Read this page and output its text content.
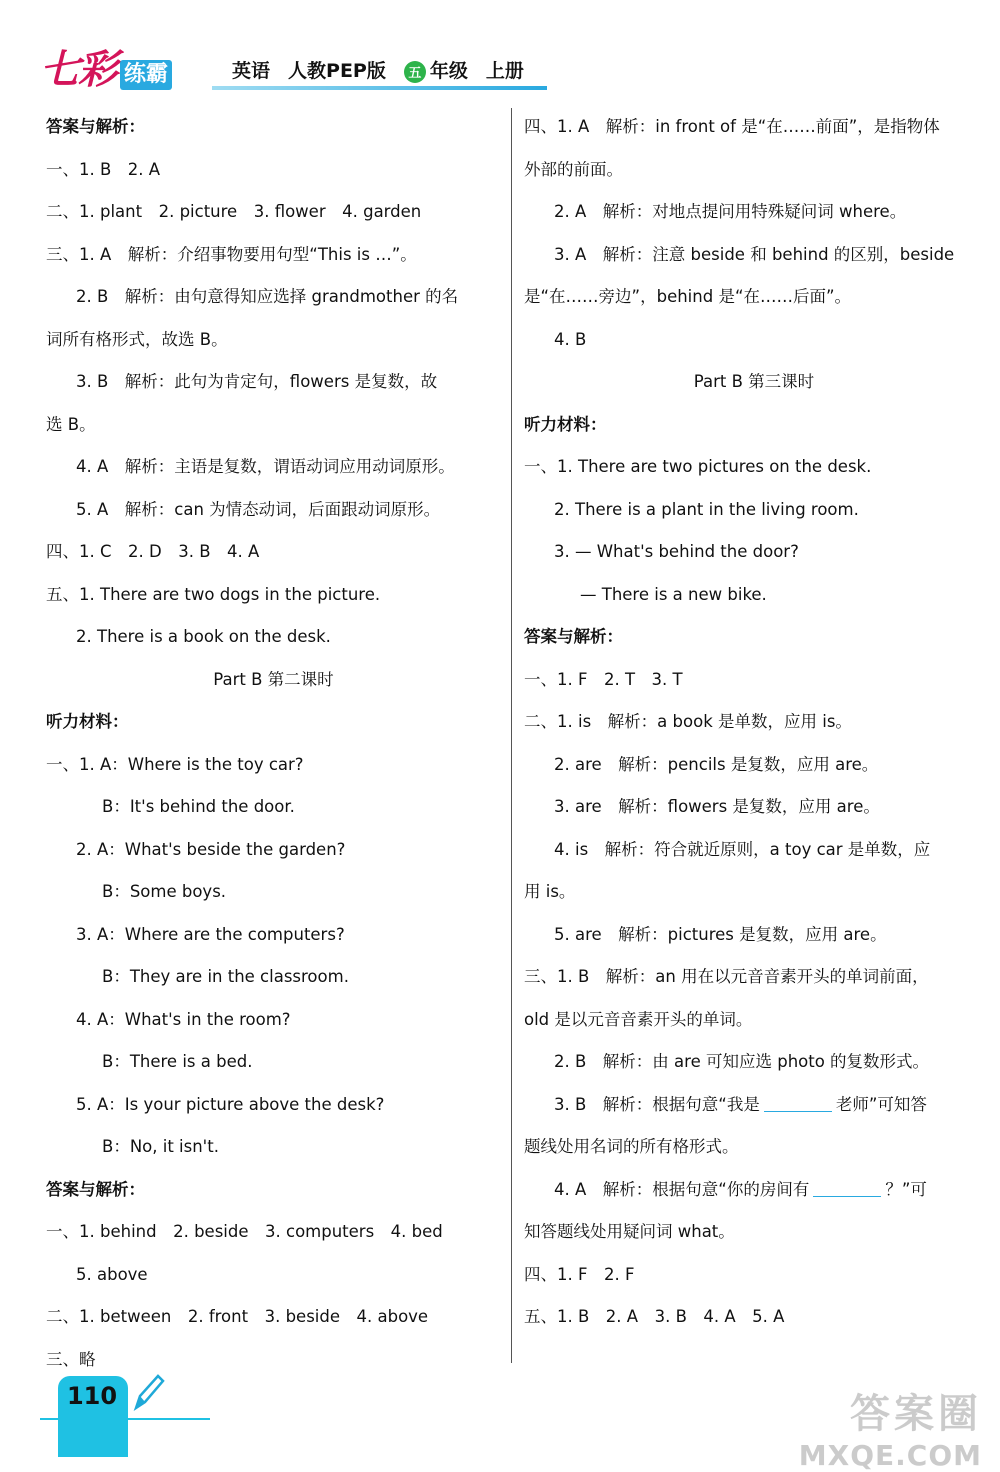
七彩 练霸	英语 人教PEP版	五 年级 上册
答案与解析：
一、1. B　2. A
二、1. plant　2. picture　3. flower　4. garden
三、1. A　解析：介绍事物要用句型“This is …”。
2. B　解析：由句意得知应选择 grandmother 的名
词所有格形式，故选 B。
3. B　解析：此句为肯定句，flowers 是复数，故
选 B。
4. A　解析：主语是复数，谓语动词应用动词原形。
5. A　解析：can 为情态动词，后面跟动词原形。
四、1. C　2. D　3. B　4. A
五、1. There are two dogs in the picture.
2. There is a book on the desk.
Part B 第二课时
听力材料：
一、1. A：Where is the toy car?
B：It's behind the door.
2. A：What's beside the garden?
B：Some boys.
3. A：Where are the computers?
B：They are in the classroom.
4. A：What's in the room?
B：There is a bed.
5. A：Is your picture above the desk?
B：No, it isn't.
答案与解析：
一、1. behind　2. beside　3. computers　4. bed
5. above
二、1. between　2. front　3. beside　4. above
三、略
四、1. A　解析：in front of 是“在……前面”，是指物体
外部的前面。
2. A　解析：对地点提问用特殊疑问词 where。
3. A　解析：注意 beside 和 behind 的区别，beside
是“在……旁边”，behind 是“在……后面”。
4. B
Part B 第三课时
听力材料：
一、1. There are two pictures on the desk.
2. There is a plant in the living room.
3. — What's behind the door?
— There is a new bike.
答案与解析：
一、1. F　2. T　3. T
二、1. is　解析：a book 是单数，应用 is。
2. are　解析：pencils 是复数，应用 are。
3. are　解析：flowers 是复数，应用 are。
4. is　解析：符合就近原则，a toy car 是单数，应
用 is。
5. are　解析：pictures 是复数，应用 are。
三、1. B　解析：an 用在以元音音素开头的单词前面，
old 是以元音音素开头的单词。
2. B　解析：由 are 可知应选 photo 的复数形式。
3. B　解析：根据句意“我是	老师”可知答
题线处用名词的所有格形式。
4. A　解析：根据句意“你的房间有	？”可
知答题线处用疑问词 what。
四、1. F　2. F
五、1. B　2. A　3. B　4. A　5. A
110	答案圈
MXQE.COM
